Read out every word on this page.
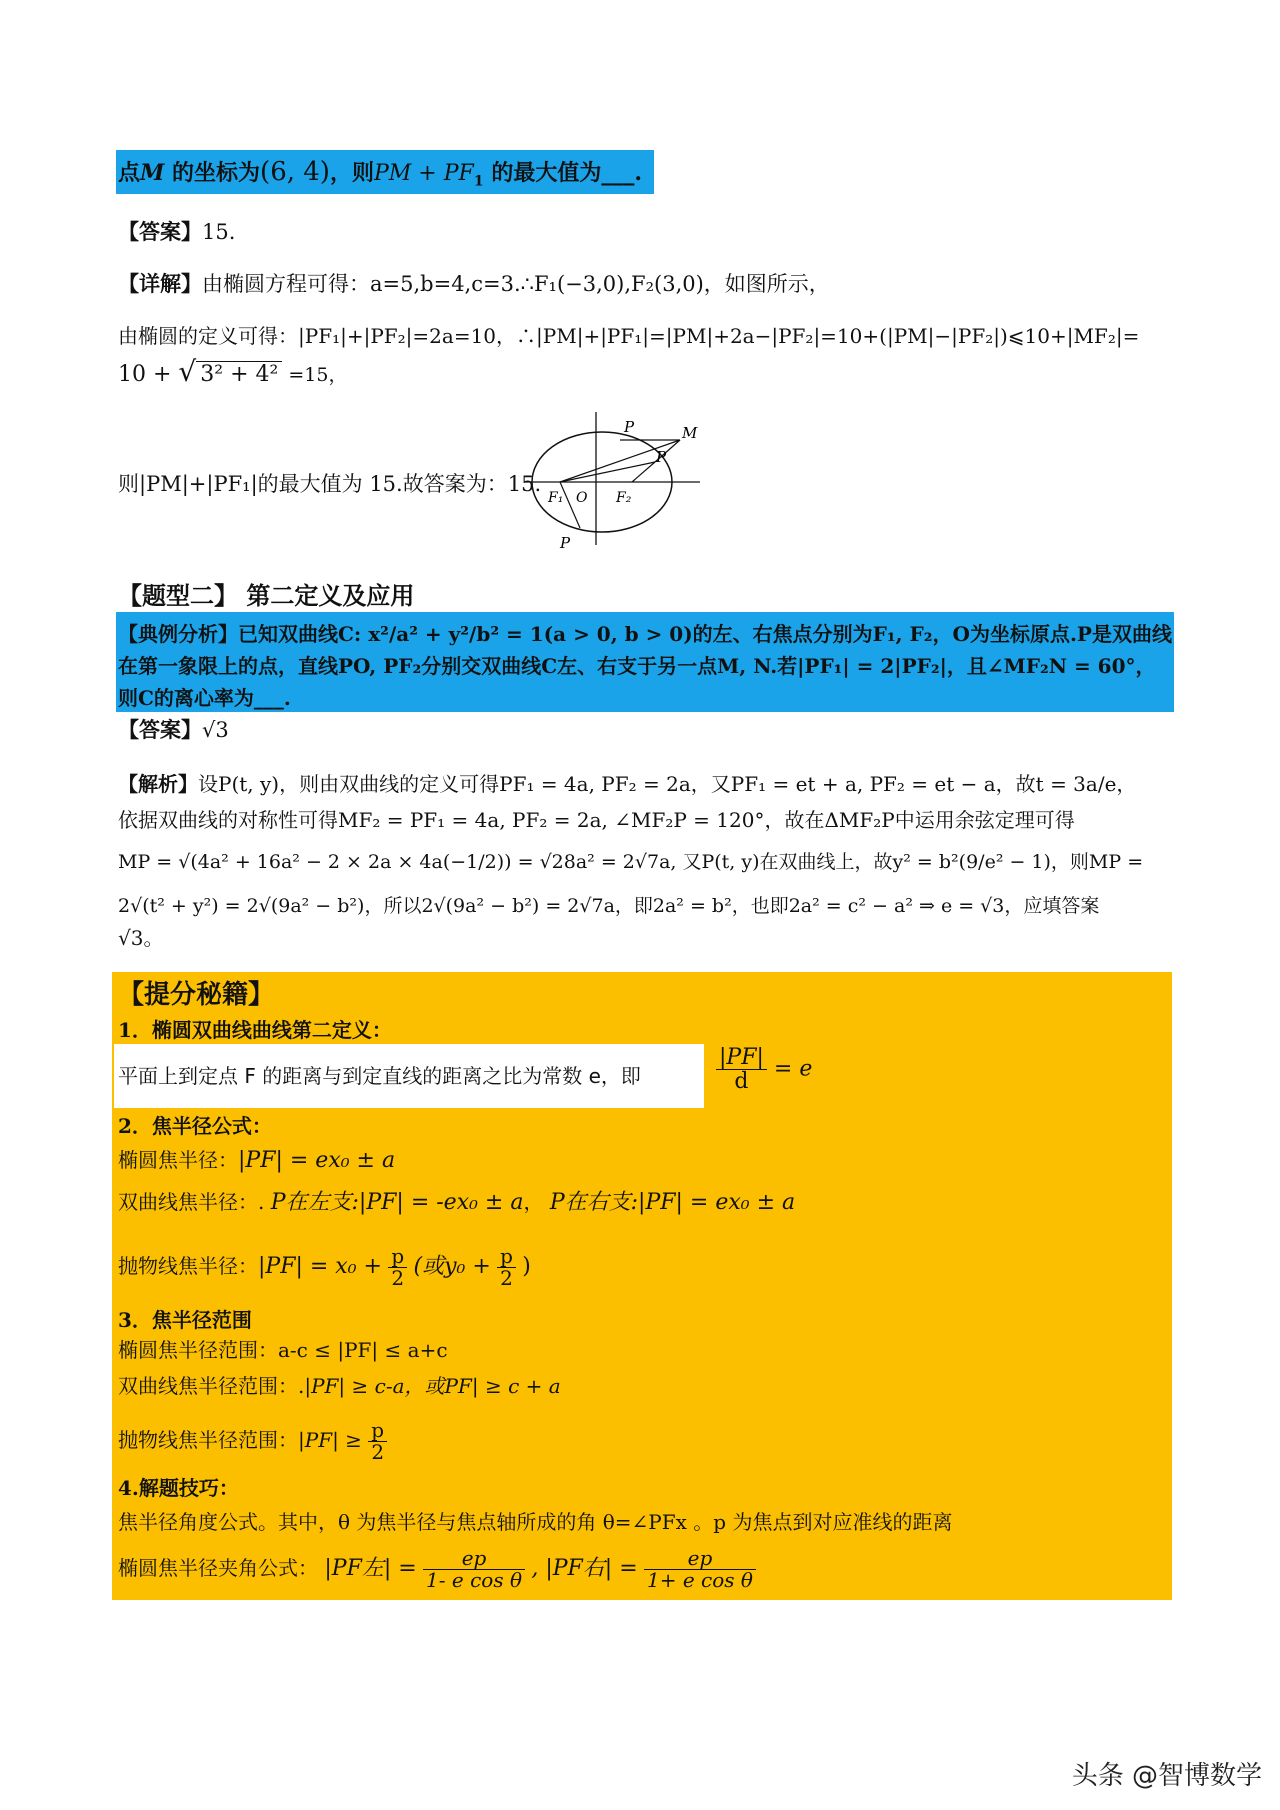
点M 的坐标为(6, 4)，则PM + $PF_1$ 的最大值为___.
【答案】15.
【详解】由椭圆方程可得：a=5,b=4,c=3.∴F₁(−3,0),F₂(3,0)，如图所示，
由椭圆的定义可得：|PF₁|+|PF₂|=2a=10，∴|PM|+|PF₁|=|PM|+2a−|PF₂|=10+(|PM|−|PF₂|)⩽10+|MF₂|=
10 + √ 3² + 4² =15，
则|PM|+|PF₁|的最大值为 15.故答案为：15.
P	M
P
F₁ O F₂
P
【题型二】 第二定义及应用
【典例分析】已知双曲线C: x²/a² + y²/b² = 1(a > 0, b > 0)的左、右焦点分别为F₁, F₂，O为坐标原点.P是双曲线
在第一象限上的点，直线PO, PF₂分别交双曲线C左、右支于另一点M, N.若|PF₁| = 2|PF₂|，且∠MF₂N = 60°，
则C的离心率为___.
【答案】√3
【解析】设P(t, y)，则由双曲线的定义可得PF₁ = 4a, PF₂ = 2a，又PF₁ = et + a, PF₂ = et − a，故t = 3a/e，
依据双曲线的对称性可得MF₂ = PF₁ = 4a, PF₂ = 2a, ∠MF₂P = 120°，故在ΔMF₂P中运用余弦定理可得
MP = √(4a² + 16a² − 2 × 2a × 4a(−1/2)) = √28a² = 2√7a, 又P(t, y)在双曲线上，故y² = b²(9/e² − 1)，则MP =
2√(t² + y²) = 2√(9a² − b²)，所以2√(9a² − b²) = 2√7a，即2a² = b²，也即2a² = c² − a² ⇒ e = √3，应填答案
√3。
【提分秘籍】
1．椭圆双曲线曲线第二定义：
平面上到定点 F 的距离与到定直线的距离之比为常数 e，即	$\frac{|PF|}{d} = e$
2．焦半径公式：
椭圆焦半径：|PF| = ex₀ ± a
双曲线焦半径：. P在左支:|PF| = -ex₀ ± a， P在右支:|PF| = ex₀ ± a
抛物线焦半径：$|PF| = x_0 + \frac{p}{2}$ (或$y_0 + \frac{p}{2}$ )
3．焦半径范围
椭圆焦半径范围：a-c ≤ |PF| ≤ a+c
双曲线焦半径范围：.|PF| ≥ c-a，或PF| ≥ c + a
抛物线焦半径范围：$|PF| \ge \frac{p}{2}$
4.解题技巧：
焦半径角度公式。其中，θ 为焦半径与焦点轴所成的角 θ=∠PFx 。p 为焦点到对应准线的距离
椭圆焦半径夹角公式： |PF左| = $\frac{ep}{\text{1- e cos θ}}$ , |PF右| = $\frac{ep}{\text{1+ e cos θ}}$
头条 @智博数学
